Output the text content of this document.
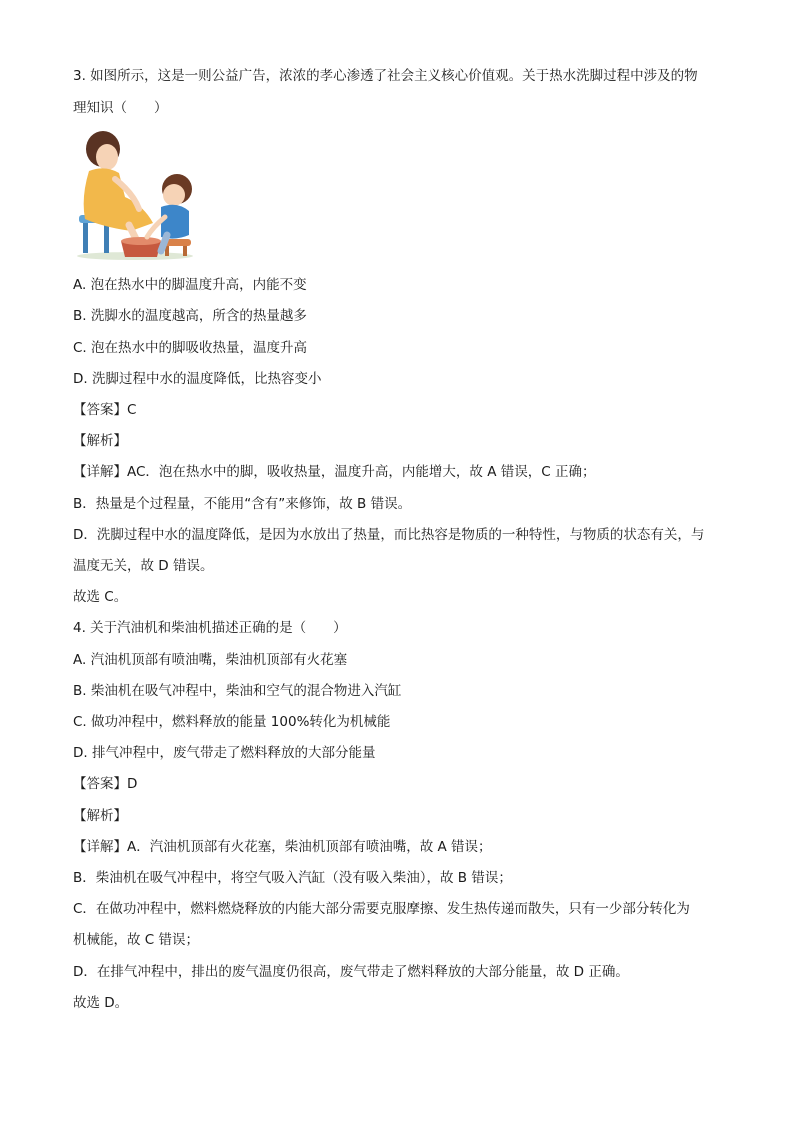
3. 如图所示，这是一则公益广告，浓浓的孝心渗透了社会主义核心价值观。关于热水洗脚过程中涉及的物
理知识（　　）
A. 泡在热水中的脚温度升高，内能不变
B. 洗脚水的温度越高，所含的热量越多
C. 泡在热水中的脚吸收热量，温度升高
D. 洗脚过程中水的温度降低，比热容变小
【答案】C
【解析】
【详解】AC．泡在热水中的脚，吸收热量，温度升高，内能增大，故 A 错误，C 正确；
B．热量是个过程量，不能用“含有”来修饰，故 B 错误。
D．洗脚过程中水的温度降低，是因为水放出了热量，而比热容是物质的一种特性，与物质的状态有关，与
温度无关，故 D 错误。
故选 C。
4. 关于汽油机和柴油机描述正确的是（　　）
A. 汽油机顶部有喷油嘴，柴油机顶部有火花塞
B. 柴油机在吸气冲程中，柴油和空气的混合物进入汽缸
C. 做功冲程中，燃料释放的能量 100%转化为机械能
D. 排气冲程中，废气带走了燃料释放的大部分能量
【答案】D
【解析】
【详解】A．汽油机顶部有火花塞，柴油机顶部有喷油嘴，故 A 错误；
B．柴油机在吸气冲程中，将空气吸入汽缸（没有吸入柴油），故 B 错误；
C．在做功冲程中，燃料燃烧释放的内能大部分需要克服摩擦、发生热传递而散失，只有一少部分转化为
机械能，故 C 错误；
D．在排气冲程中，排出的废气温度仍很高，废气带走了燃料释放的大部分能量，故 D 正确。
故选 D。
